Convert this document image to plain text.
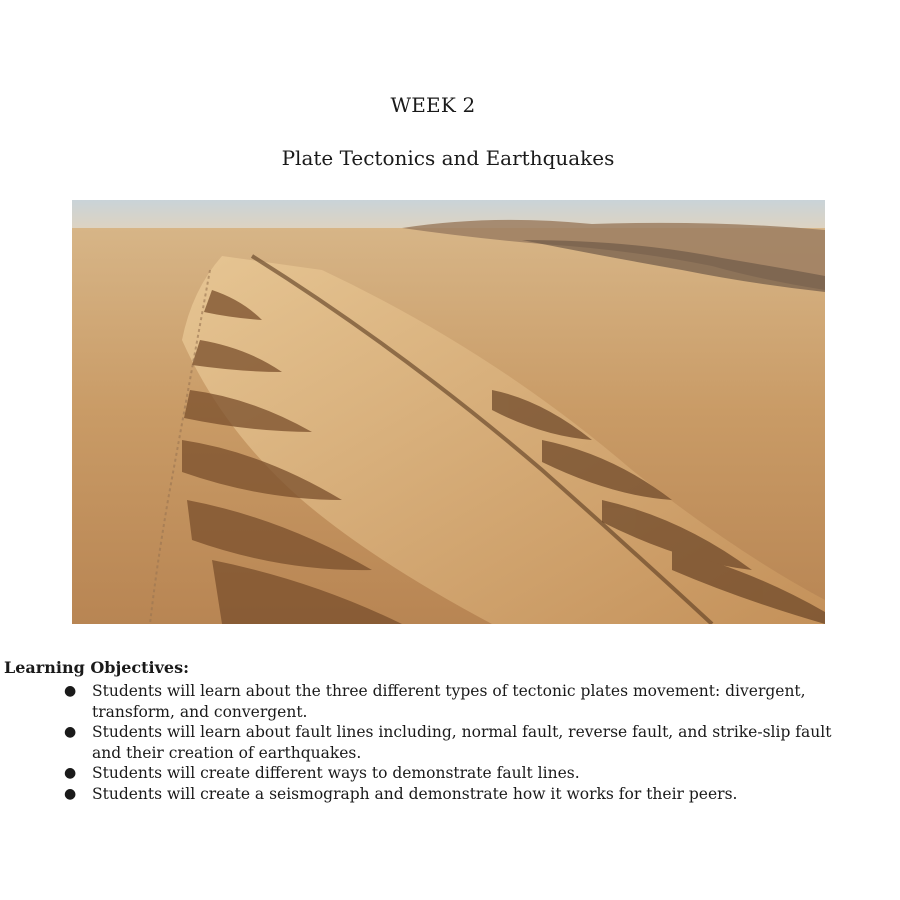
WEEK 2
Plate Tectonics and Earthquakes
Learning Objectives:
● Students will learn about the three different types of tectonic plates movement: divergent, transform, and convergent.
● Students will learn about fault lines including, normal fault, reverse fault, and strike-slip fault and their creation of earthquakes.
● Students will create different ways to demonstrate fault lines.
● Students will create a seismograph and demonstrate how it works for their peers.
